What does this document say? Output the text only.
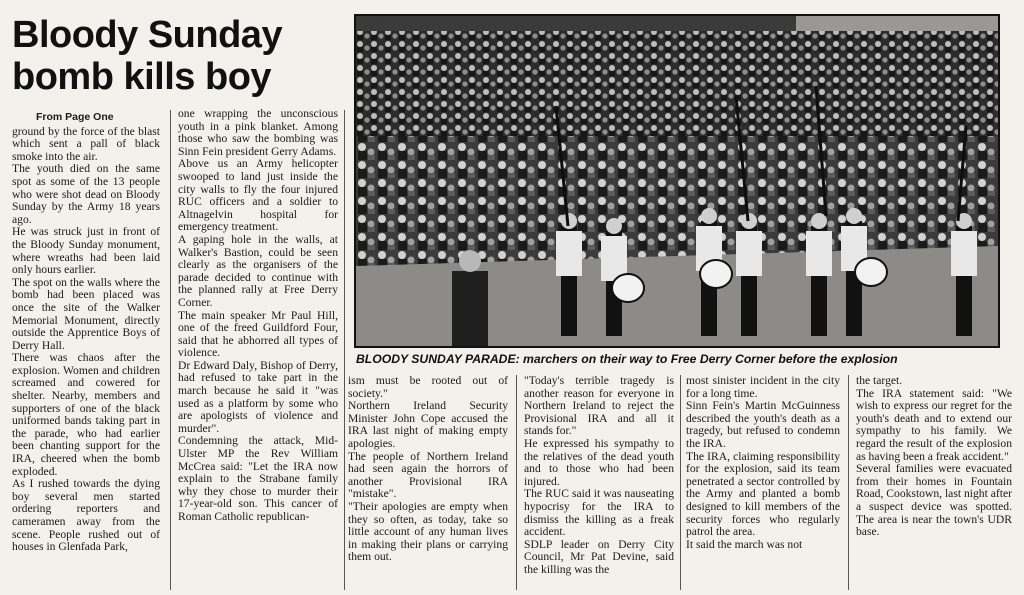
Bloody Sunday
bomb kills boy
From Page One

ground by the force of the blast which sent a pall of black smoke into the air.

The youth died on the same spot as some of the 13 people who were shot dead on Bloody Sunday by the Army 18 years ago.

He was struck just in front of the Bloody Sunday monument, where wreaths had been laid only hours earlier.

The spot on the walls where the bomb had been placed was once the site of the Walker Memorial Monument, directly outside the Apprentice Boys of Derry Hall.

There was chaos after the explosion. Women and children screamed and cowered for shelter. Nearby, members and supporters of one of the black uniformed bands taking part in the parade, who had earlier been chanting support for the IRA, cheered when the bomb exploded.

As I rushed towards the dying boy several men started ordering reporters and cameramen away from the scene. People rushed out of houses in Glenfada Park,

one wrapping the unconscious youth in a pink blanket. Among those who saw the bombing was Sinn Fein president Gerry Adams.

Above us an Army helicopter swooped to land just inside the city walls to fly the four injured RUC officers and a soldier to Altnagelvin hospital for emergency treatment.

A gaping hole in the walls, at Walker's Bastion, could be seen clearly as the organisers of the parade decided to continue with the planned rally at Free Derry Corner.

The main speaker Mr Paul Hill, one of the freed Guildford Four, said that he abhorred all types of violence.

Dr Edward Daly, Bishop of Derry, had refused to take part in the march because he said it "was used as a platform by some who are apologists of violence and murder".

Condemning the attack, Mid-Ulster MP the Rev William McCrea said: "Let the IRA now explain to the Strabane family why they chose to murder their 17-year-old son. This cancer of Roman Catholic republican-

BLOODY SUNDAY PARADE: marchers on their way to Free Derry Corner before the explosion

ism must be rooted out of society."

Northern Ireland Security Minister John Cope accused the IRA last night of making empty apologies.

The people of Northern Ireland had seen again the horrors of another Provisional IRA "mistake".

"Their apologies are empty when they so often, as today, take so little account of any human lives in making their plans or carrying them out.

"Today's terrible tragedy is another reason for everyone in Northern Ireland to reject the Provisional IRA and all it stands for."

He expressed his sympathy to the relatives of the dead youth and to those who had been injured.

The RUC said it was nauseating hypocrisy for the IRA to dismiss the killing as a freak accident.

SDLP leader on Derry City Council, Mr Pat Devine, said the killing was the

most sinister incident in the city for a long time.

Sinn Fein's Martin McGuinness described the youth's death as a tragedy, but refused to condemn the IRA.

The IRA, claiming responsibility for the explosion, said its team penetrated a sector controlled by the Army and planted a bomb designed to kill members of the security forces who regularly patrol the area.

It said the march was not

the target.

The IRA statement said: "We wish to express our regret for the youth's death and to extend our sympathy to his family. We regard the result of the explosion as having been a freak accident."

Several families were evacuated from their homes in Fountain Road, Cookstown, last night after a suspect device was spotted. The area is near the town's UDR base.
